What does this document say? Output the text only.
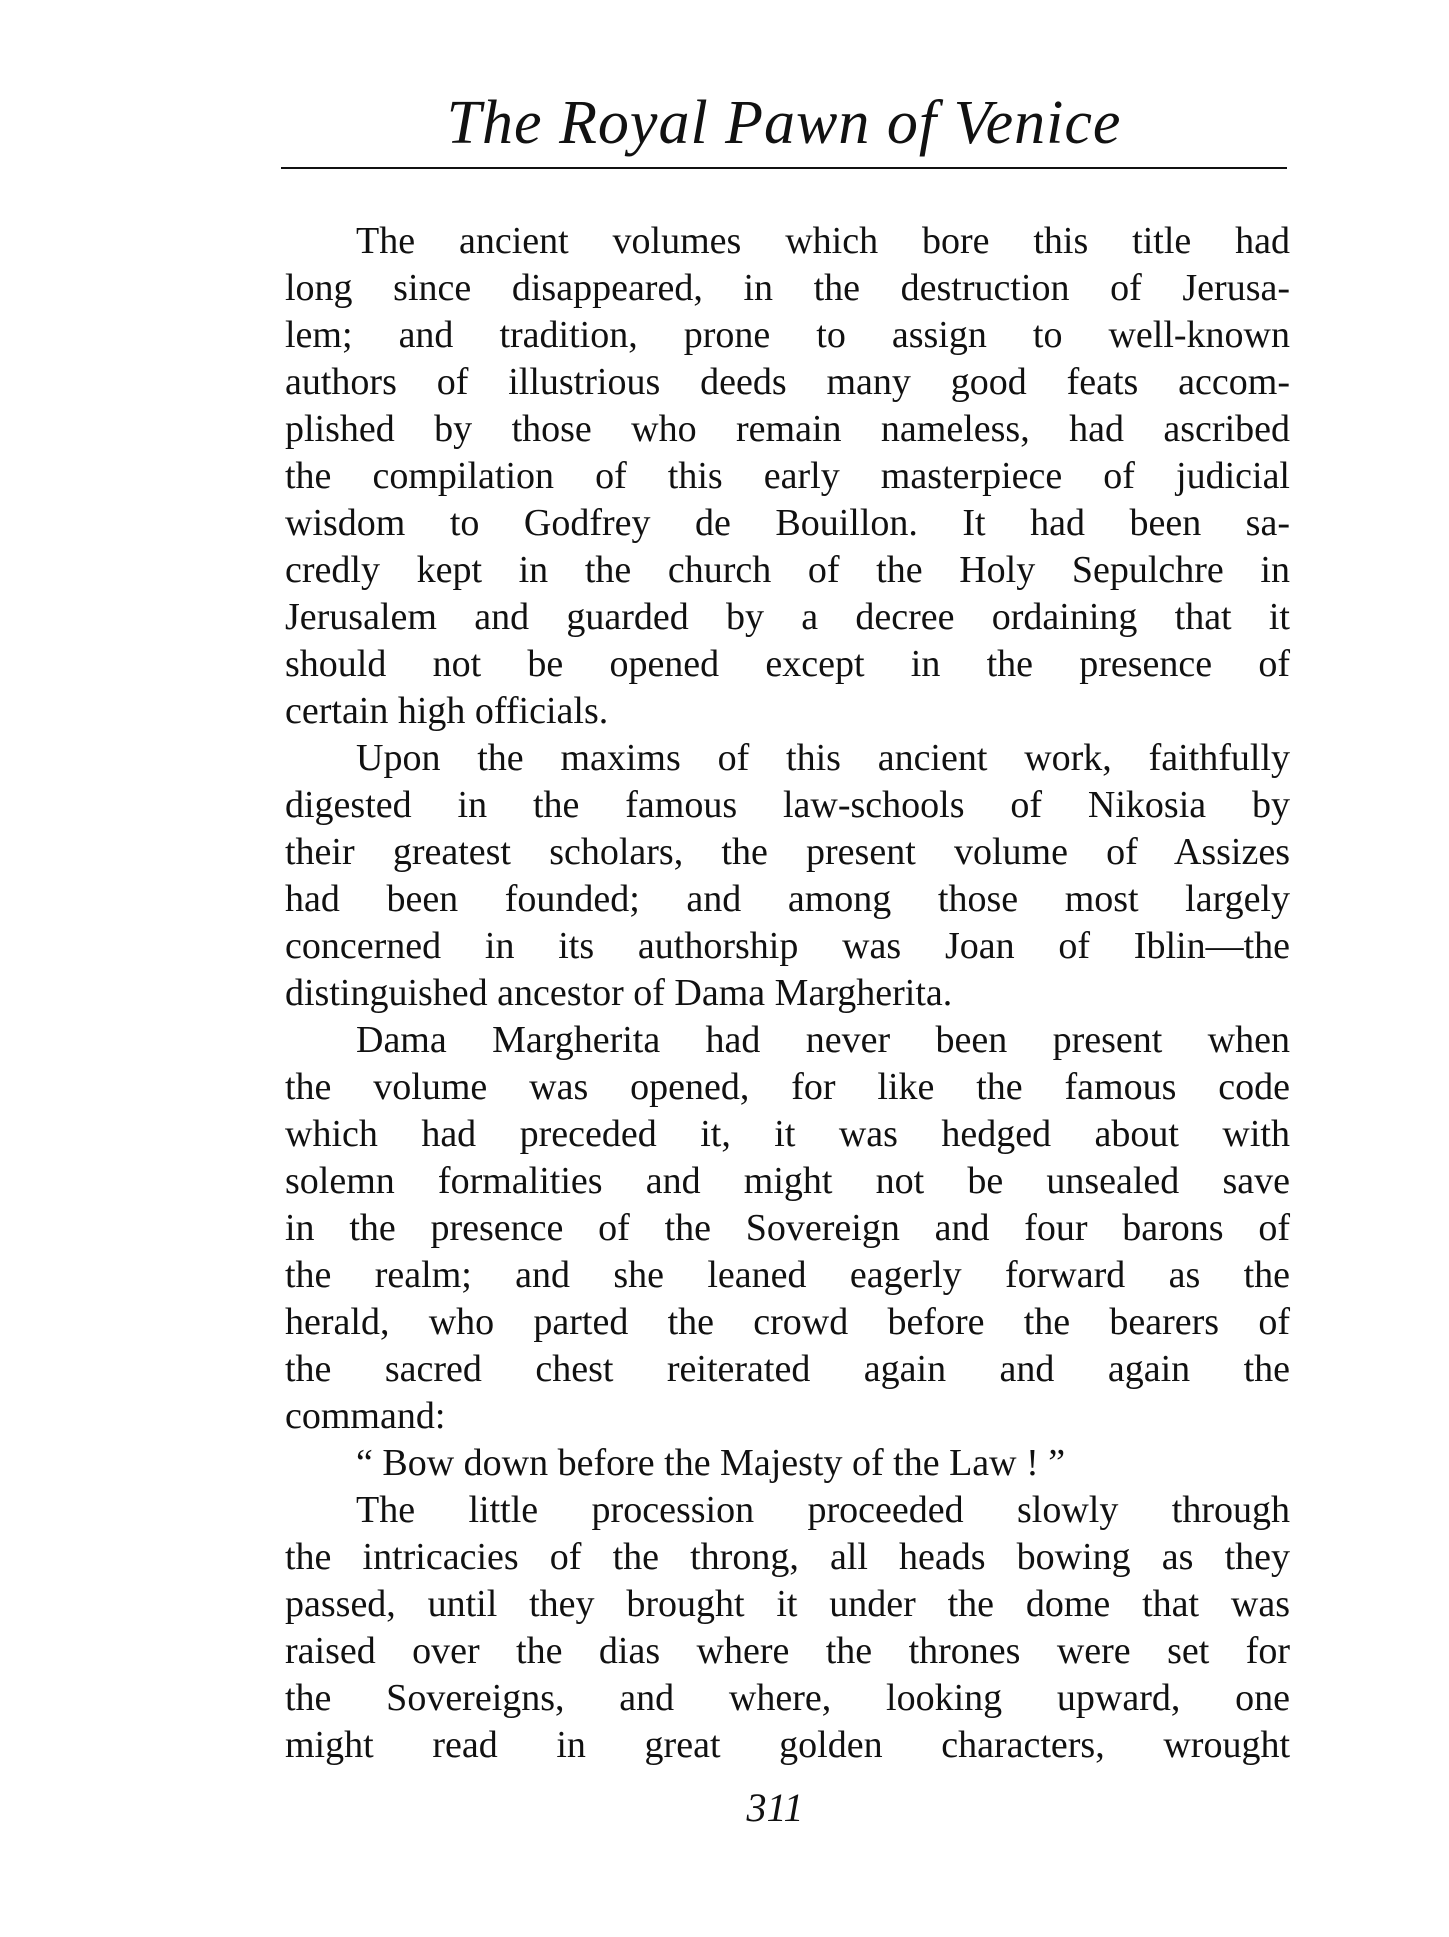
The Royal Pawn of Venice
The ancient volumes which bore this title had
long since disappeared, in the destruction of Jerusa-
lem; and tradition, prone to assign to well-known
authors of illustrious deeds many good feats accom-
plished by those who remain nameless, had ascribed
the compilation of this early masterpiece of judicial
wisdom to Godfrey de Bouillon. It had been sa-
credly kept in the church of the Holy Sepulchre in
Jerusalem and guarded by a decree ordaining that it
should not be opened except in the presence of
certain high officials.
Upon the maxims of this ancient work, faithfully
digested in the famous law-schools of Nikosia by
their greatest scholars, the present volume of Assizes
had been founded; and among those most largely
concerned in its authorship was Joan of Iblin—the
distinguished ancestor of Dama Margherita.
Dama Margherita had never been present when
the volume was opened, for like the famous code
which had preceded it, it was hedged about with
solemn formalities and might not be unsealed save
in the presence of the Sovereign and four barons of
the realm; and she leaned eagerly forward as the
herald, who parted the crowd before the bearers of
the sacred chest reiterated again and again the
command:
“ Bow down before the Majesty of the Law ! ”
The little procession proceeded slowly through
the intricacies of the throng, all heads bowing as they
passed, until they brought it under the dome that was
raised over the dias where the thrones were set for
the Sovereigns, and where, looking upward, one
might read in great golden characters, wrought
311
